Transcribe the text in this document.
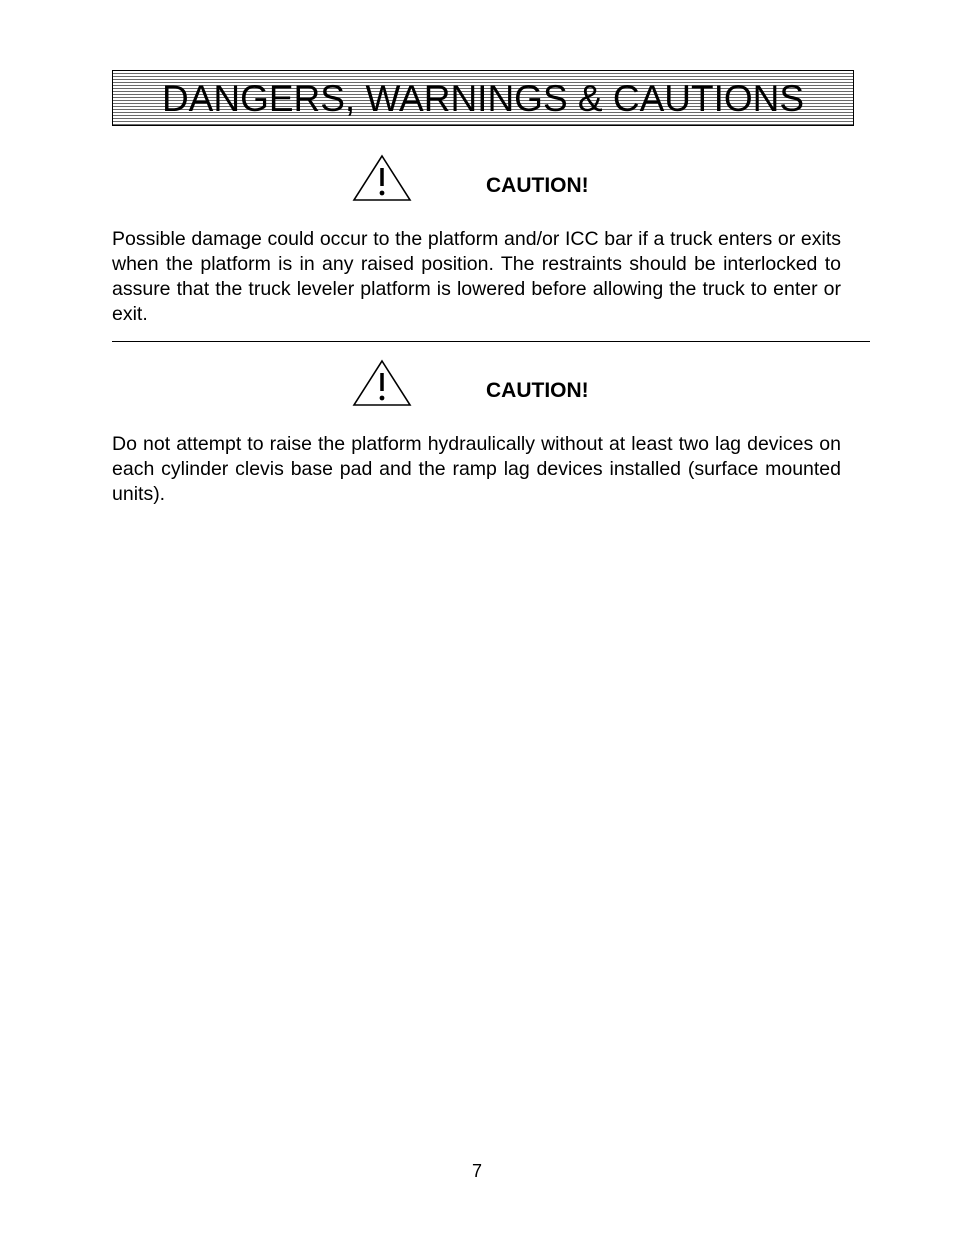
DANGERS, WARNINGS & CAUTIONS
CAUTION!

Possible damage could occur to the platform and/or ICC bar if a truck enters or exits when the platform is in any raised position. The restraints should be interlocked to assure that the truck leveler platform is lowered before allowing the truck to enter or exit.

CAUTION!

Do not attempt to raise the platform hydraulically without at least two lag devices on each cylinder clevis base pad and the ramp lag devices installed (surface mounted units).

7
